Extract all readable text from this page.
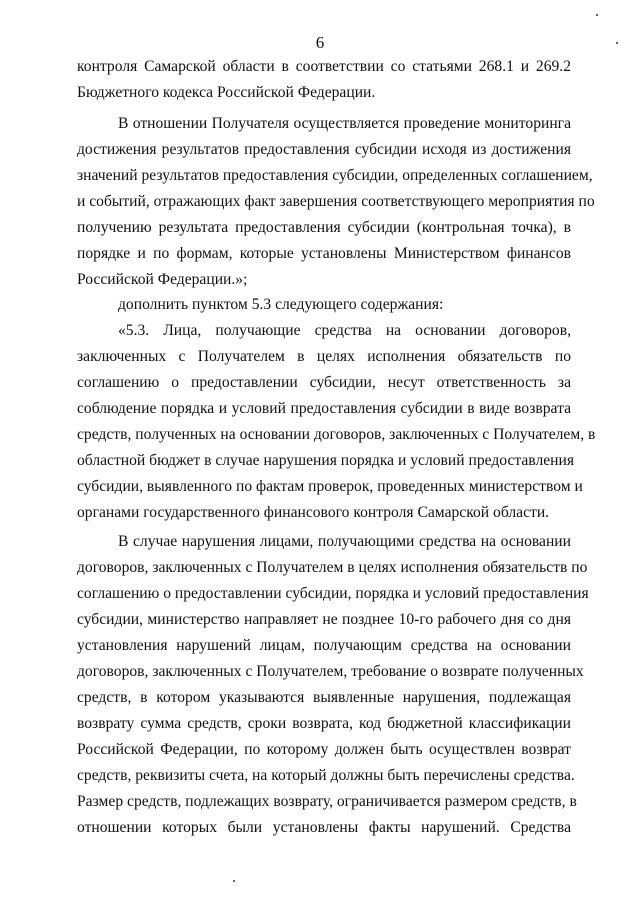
6
контроля Самарской области в соответствии со статьями 268.1 и 269.2
Бюджетного кодекса Российской Федерации.
В отношении Получателя осуществляется проведение мониторинга
достижения результатов предоставления субсидии исходя из достижения
значений результатов предоставления субсидии, определенных соглашением,
и событий, отражающих факт завершения соответствующего мероприятия по
получению результата предоставления субсидии (контрольная точка), в
порядке и по формам, которые установлены Министерством финансов
Российской Федерации.»;
дополнить пунктом 5.3 следующего содержания:
«5.3. Лица, получающие средства на основании договоров,
заключенных с Получателем в целях исполнения обязательств по
соглашению о предоставлении субсидии, несут ответственность за
соблюдение порядка и условий предоставления субсидии в виде возврата
средств, полученных на основании договоров, заключенных с Получателем, в
областной бюджет в случае нарушения порядка и условий предоставления
субсидии, выявленного по фактам проверок, проведенных министерством и
органами государственного финансового контроля Самарской области.
В случае нарушения лицами, получающими средства на основании
договоров, заключенных с Получателем в целях исполнения обязательств по
соглашению о предоставлении субсидии, порядка и условий предоставления
субсидии, министерство направляет не позднее 10-го рабочего дня со дня
установления нарушений лицам, получающим средства на основании
договоров, заключенных с Получателем, требование о возврате полученных
средств, в котором указываются выявленные нарушения, подлежащая
возврату сумма средств, сроки возврата, код бюджетной классификации
Российской Федерации, по которому должен быть осуществлен возврат
средств, реквизиты счета, на который должны быть перечислены средства.
Размер средств, подлежащих возврату, ограничивается размером средств, в
отношении которых были установлены факты нарушений. Средства
